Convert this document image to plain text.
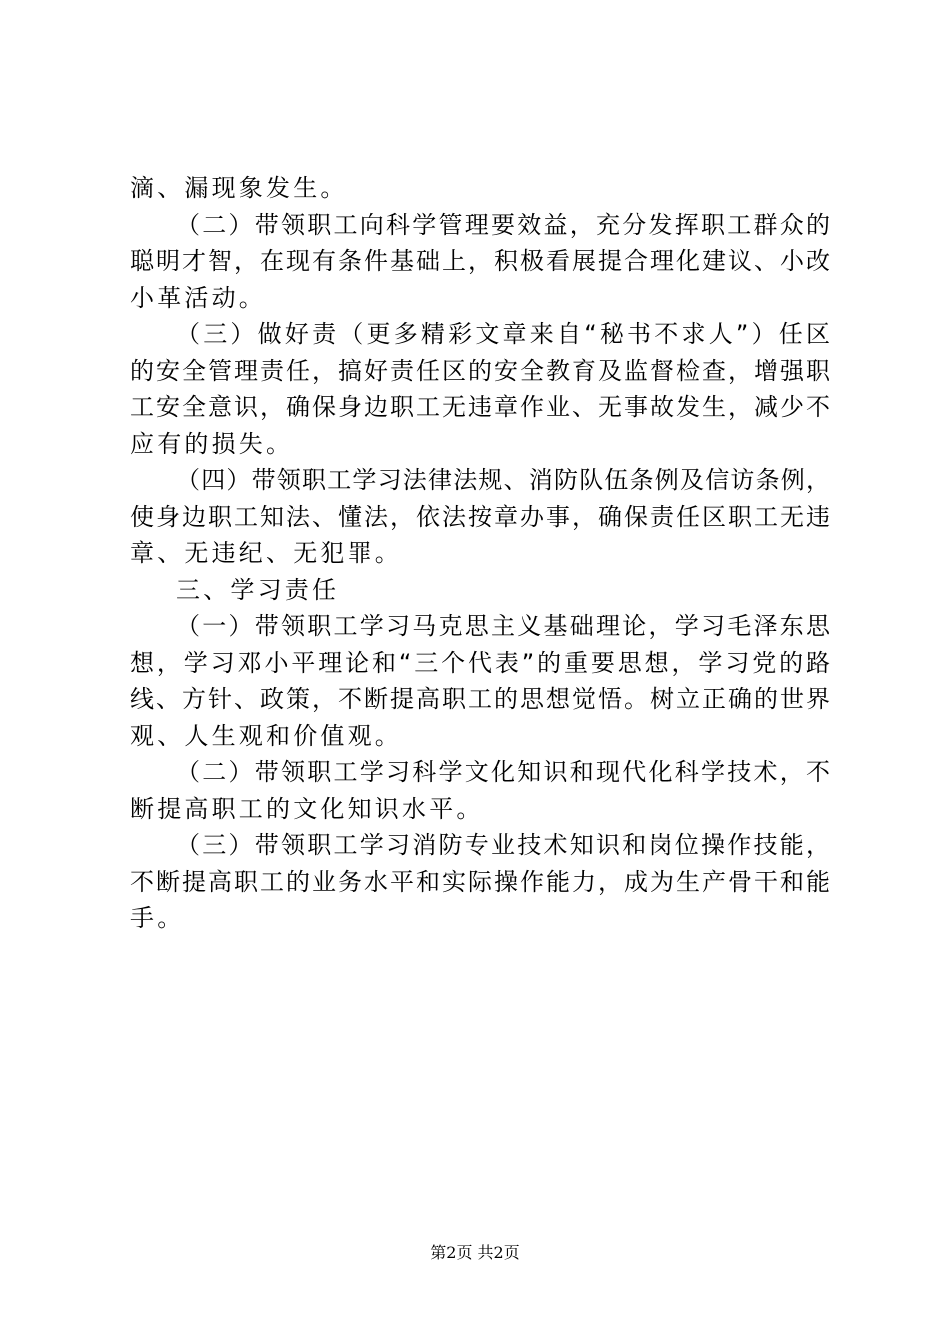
滴、漏现象发生。
（二）带领职工向科学管理要效益，充分发挥职工群众的
聪明才智，在现有条件基础上，积极看展提合理化建议、小改
小革活动。
（三）做好责（更多精彩文章来自“秘书不求人”）任区
的安全管理责任，搞好责任区的安全教育及监督检查，增强职
工安全意识，确保身边职工无违章作业、无事故发生，减少不
应有的损失。
（四）带领职工学习法律法规、消防队伍条例及信访条例，
使身边职工知法、懂法，依法按章办事，确保责任区职工无违
章、无违纪、无犯罪。
三、学习责任
（一）带领职工学习马克思主义基础理论，学习毛泽东思
想，学习邓小平理论和“三个代表”的重要思想，学习党的路
线、方针、政策，不断提高职工的思想觉悟。树立正确的世界
观、人生观和价值观。
（二）带领职工学习科学文化知识和现代化科学技术，不
断提高职工的文化知识水平。
（三）带领职工学习消防专业技术知识和岗位操作技能，
不断提高职工的业务水平和实际操作能力，成为生产骨干和能
手。
第2页 共2页
